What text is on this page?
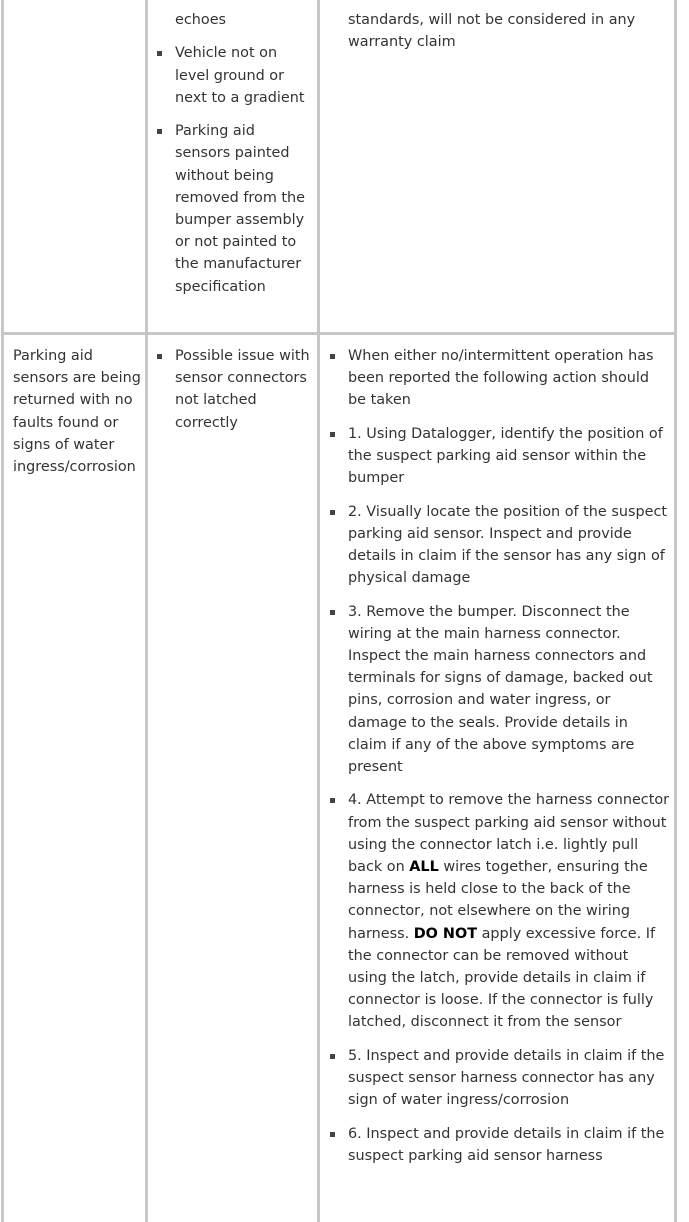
echoes
Vehicle not on level ground or next to a gradient
Parking aid sensors painted without being removed from the bumper assembly or not painted to the manufacturer specification
standards, will not be considered in any warranty claim
Parking aid sensors are being returned with no faults found or signs of water ingress/corrosion
Possible issue with sensor connectors not latched correctly
When either no/intermittent operation has been reported the following action should be taken
1. Using Datalogger, identify the position of the suspect parking aid sensor within the bumper
2. Visually locate the position of the suspect parking aid sensor. Inspect and provide details in claim if the sensor has any sign of physical damage
3. Remove the bumper. Disconnect the wiring at the main harness connector. Inspect the main harness connectors and terminals for signs of damage, backed out pins, corrosion and water ingress, or damage to the seals. Provide details in claim if any of the above symptoms are present
4. Attempt to remove the harness connector from the suspect parking aid sensor without using the connector latch i.e. lightly pull back on ALL wires together, ensuring the harness is held close to the back of the connector, not elsewhere on the wiring harness. DO NOT apply excessive force. If the connector can be removed without using the latch, provide details in claim if connector is loose. If the connector is fully latched, disconnect it from the sensor
5. Inspect and provide details in claim if the suspect sensor harness connector has any sign of water ingress/corrosion
6. Inspect and provide details in claim if the suspect parking aid sensor harness
